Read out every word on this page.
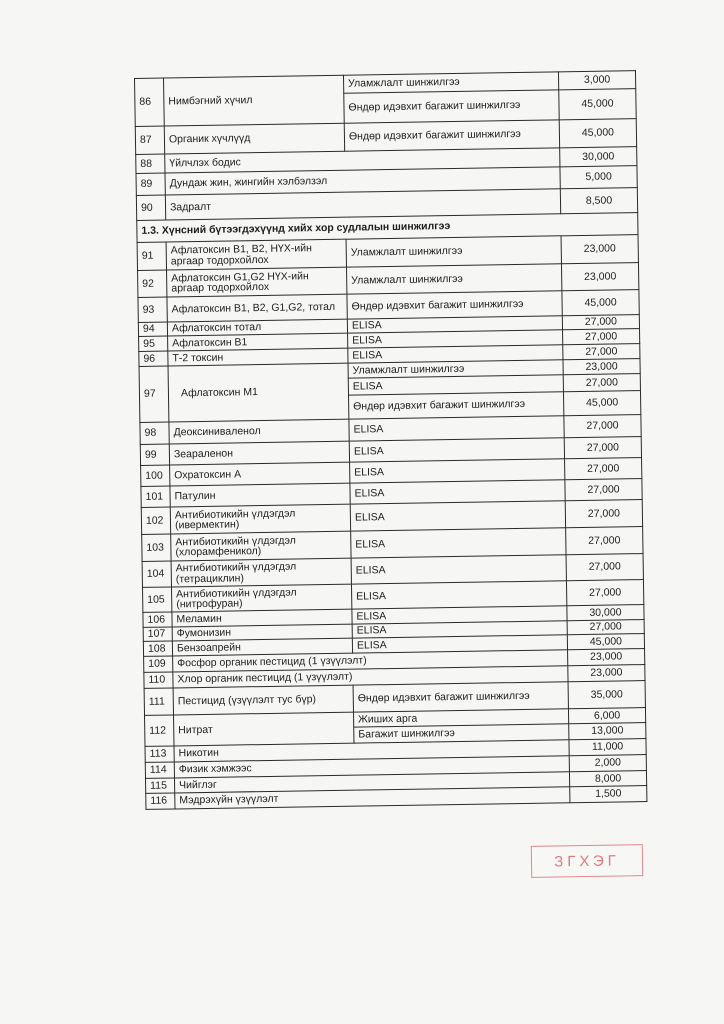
86	Нимбэгний хүчил	Уламжлалт шинжилгээ	3,000
		Өндөр идэвхит багажит шинжилгээ	45,000
87	Органик хүчлүүд	Өндөр идэвхит багажит шинжилгээ	45,000
88	Үйлчлэх бодис		30,000
89	Дундаж жин, жингийн хэлбэлзэл		5,000
90	Задралт		8,500
1.3. Хүнсний бүтээгдэхүүнд хийх хор судлалын шинжилгээ			
91	Афлатоксин В1, В2, НҮХ-ийн аргаар тодорхойлох	Уламжлалт шинжилгээ	23,000
92	Афлатоксин G1,G2 НҮХ-ийн аргаар тодорхойлох	Уламжлалт шинжилгээ	23,000
93	Афлатоксин B1, B2, G1,G2, тотал	Өндөр идэвхит багажит шинжилгээ	45,000
94	Афлатоксин тотал	ELISA	27,000
95	Афлатоксин В1	ELISA	27,000
96	Т-2 токсин	ELISA	27,000
97	Афлатоксин М1	Уламжлалт шинжилгээ	23,000
		ELISA	27,000
		Өндөр идэвхит багажит шинжилгээ	45,000
98	Деоксиниваленол	ELISA	27,000
99	Зеараленон	ELISA	27,000
100	Охратоксин А	ELISA	27,000
101	Патулин	ELISA	27,000
102	Антибиотикийн үлдэгдэл (ивермектин)	ELISA	27,000
103	Антибиотикийн үлдэгдэл (хлорамфеникол)	ELISA	27,000
104	Антибиотикийн үлдэгдэл (тетрациклин)	ELISA	27,000
105	Антибиотикийн үлдэгдэл (нитрофуран)	ELISA	27,000
106	Меламин	ELISA	30,000
107	Фумонизин	ELISA	27,000
108	Бензоапрейн	ELISA	45,000
109	Фосфор органик пестицид (1 үзүүлэлт)		23,000
110	Хлор органик пестицид (1 үзүүлэлт)		23,000
111	Пестицид (үзүүлэлт тус бүр)	Өндөр идэвхит багажит шинжилгээ	35,000
112	Нитрат	Жиших арга	6,000
		Багажит шинжилгээ	13,000
113	Никотин		11,000
114	Физик хэмжээс		2,000
115	Чийглэг		8,000
116	Мэдрэхүйн үзүүлэлт		1,500
ЗГХЭГ
